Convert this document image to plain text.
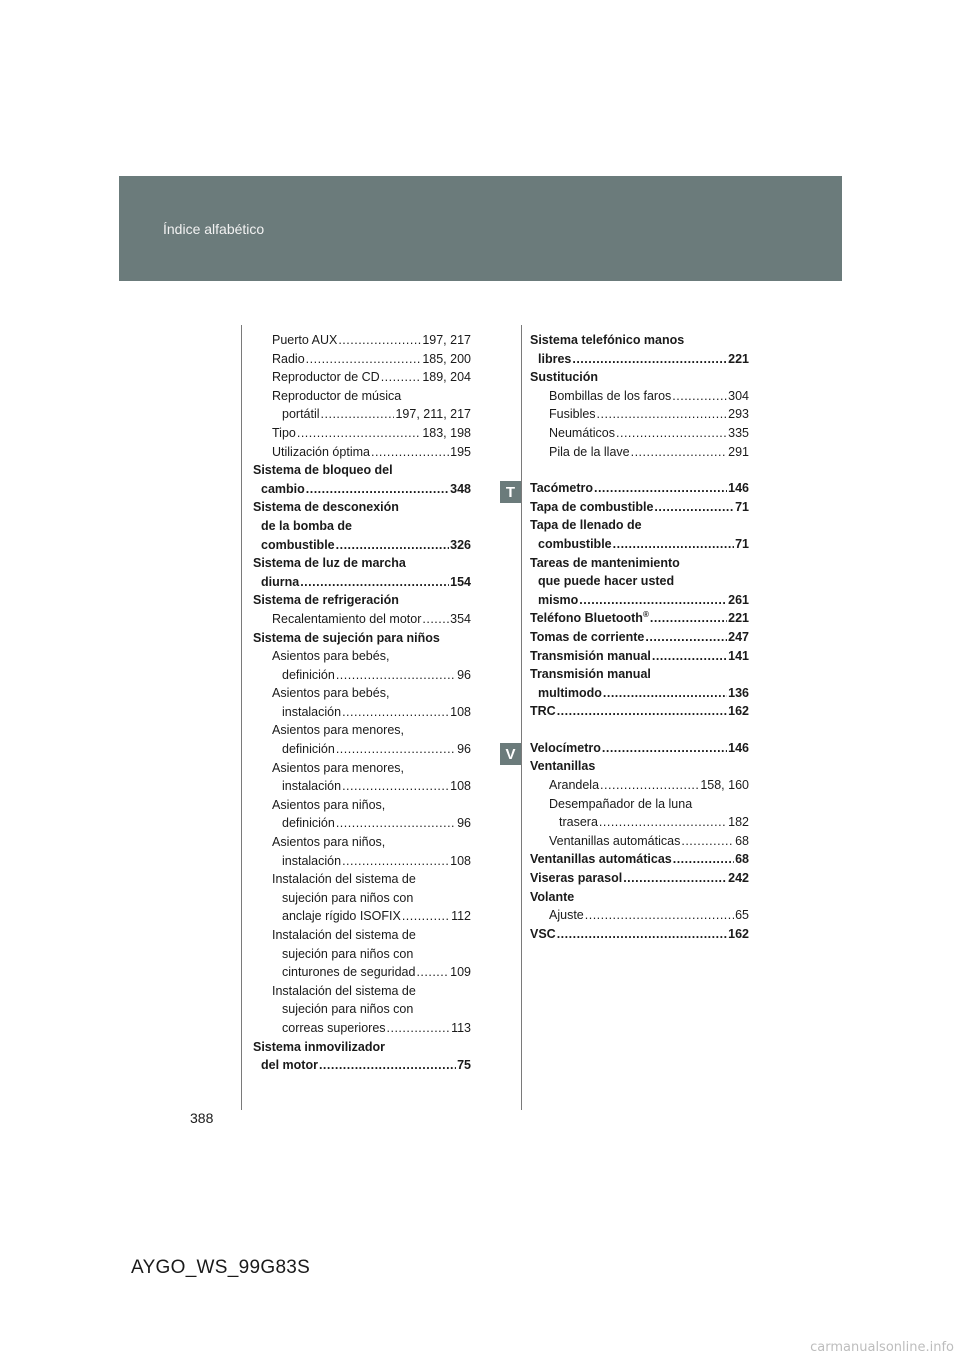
Índice alfabético
T
V
Puerto AUX .....	197, 217
Radio .....	185, 200
Reproductor de CD .....	189, 204
Reproductor de música
portátil .....	197, 211, 217
Tipo .....	183, 198
Utilización óptima .....	195
Sistema de bloqueo del
cambio .....	348
Sistema de desconexión
de la bomba de
combustible .....	326
Sistema de luz de marcha
diurna .....	154
Sistema de refrigeración
Recalentamiento del motor ..... 354
Sistema de sujeción para niños
Asientos para bebés,
definición .....	96
Asientos para bebés,
instalación .....	108
Asientos para menores,
definición .....	96
Asientos para menores,
instalación .....	108
Asientos para niños,
definición .....	96
Asientos para niños,
instalación .....	108
Instalación del sistema de
sujeción para niños con
anclaje rígido ISOFIX .....	112
Instalación del sistema de
sujeción para niños con
cinturones de seguridad .....	109
Instalación del sistema de
sujeción para niños con
correas superiores .....	113
Sistema inmovilizador
del motor .....	75
Sistema telefónico manos
libres .....	221
Sustitución
Bombillas de los faros .....	304
Fusibles .....	293
Neumáticos .....	335
Pila de la llave .....	291
Tacómetro .....	146
Tapa de combustible .....	71
Tapa de llenado de
combustible .....	71
Tareas de mantenimiento
que puede hacer usted
mismo .....	261
Teléfono Bluetooth® .....	221
Tomas de corriente .....	247
Transmisión manual .....	141
Transmisión manual
multimodo .....	136
TRC .....	162
Velocímetro .....	146
Ventanillas
Arandela .....	158, 160
Desempañador de la luna
trasera .....	182
Ventanillas automáticas .....	68
Ventanillas automáticas .....	68
Viseras parasol .....	242
Volante
Ajuste .....	65
VSC .....	162
388
AYGO_WS_99G83S
carmanualsonline.info
